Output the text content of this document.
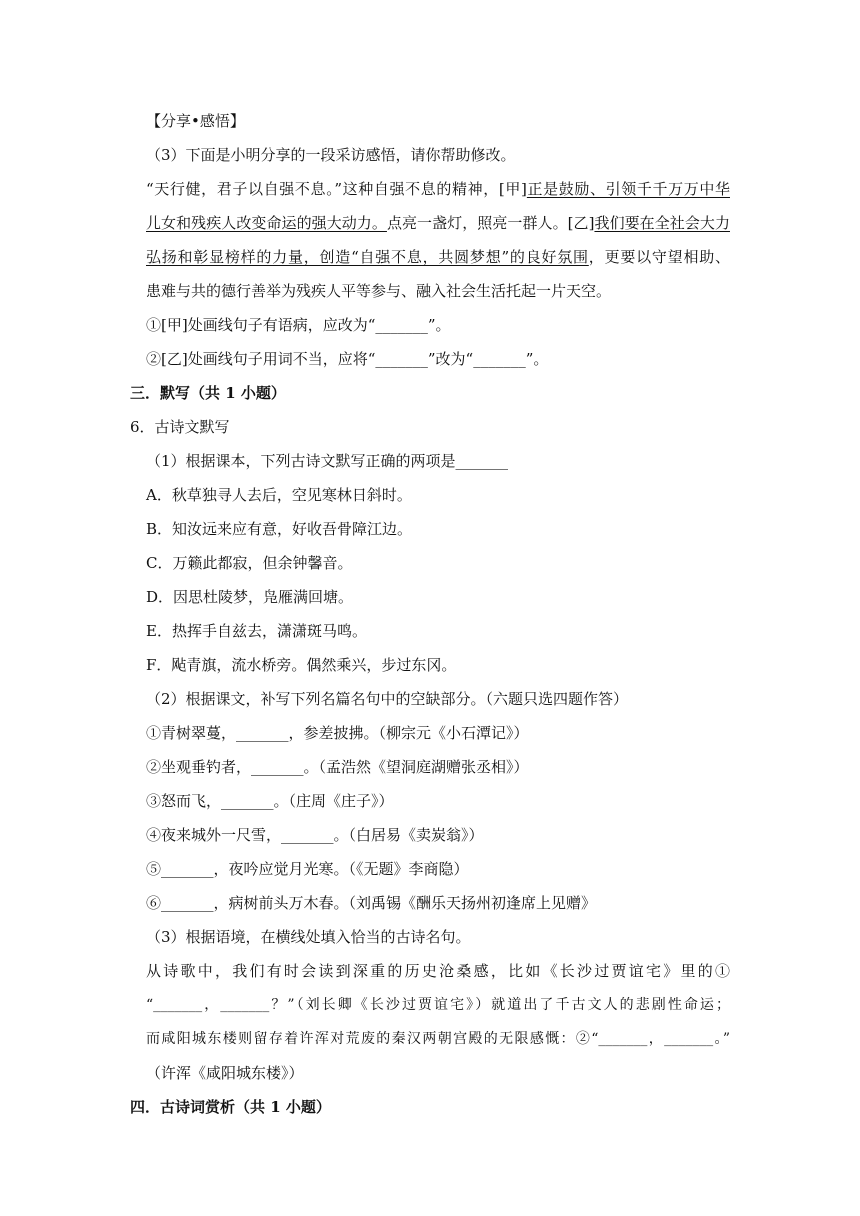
【分享•感悟】
（3）下面是小明分享的一段采访感悟，请你帮助修改。
“天行健，君子以自强不息。”这种自强不息的精神，[甲]正是鼓励、引领千千万万中华
儿女和残疾人改变命运的强大动力。点亮一盏灯，照亮一群人。[乙]我们要在全社会大力
弘扬和彰显榜样的力量，创造“自强不息，共圆梦想”的良好氛围，更要以守望相助、
患难与共的德行善举为残疾人平等参与、融入社会生活托起一片天空。
①[甲]处画线句子有语病，应改为“_______”。
②[乙]处画线句子用词不当，应将“_______”改为“_______”。
三．默写（共 1 小题）
6．古诗文默写
（1）根据课本，下列古诗文默写正确的两项是_______
A．秋草独寻人去后，空见寒林日斜时。
B．知汝远来应有意，好收吾骨障江边。
C．万籁此都寂，但余钟馨音。
D．因思杜陵梦，凫雁满回塘。
E．热挥手自兹去，潇潇斑马鸣。
F．飐青旗，流水桥旁。偶然乘兴，步过东冈。
（2）根据课文，补写下列名篇名句中的空缺部分。（六题只选四题作答）
①青树翠蔓，_______，参差披拂。（柳宗元《小石潭记》）
②坐观垂钓者，_______。（孟浩然《望洞庭湖赠张丞相》）
③怒而飞，_______。（庄周《庄子》）
④夜来城外一尺雪，_______。（白居易《卖炭翁》）
⑤_______，夜吟应觉月光寒。（《无题》李商隐）
⑥_______，病树前头万木春。（刘禹锡《酬乐天扬州初逢席上见赠》
（3）根据语境，在横线处填入恰当的古诗名句。
从诗歌中，我们有时会读到深重的历史沧桑感，比如《长沙过贾谊宅》里的①
“_______，_______？”（刘长卿《长沙过贾谊宅》）就道出了千古文人的悲剧性命运；
而咸阳城东楼则留存着许浑对荒废的秦汉两朝宫殿的无限感慨：②“_______，_______。”
（许浑《咸阳城东楼》）
四．古诗词赏析（共 1 小题）
